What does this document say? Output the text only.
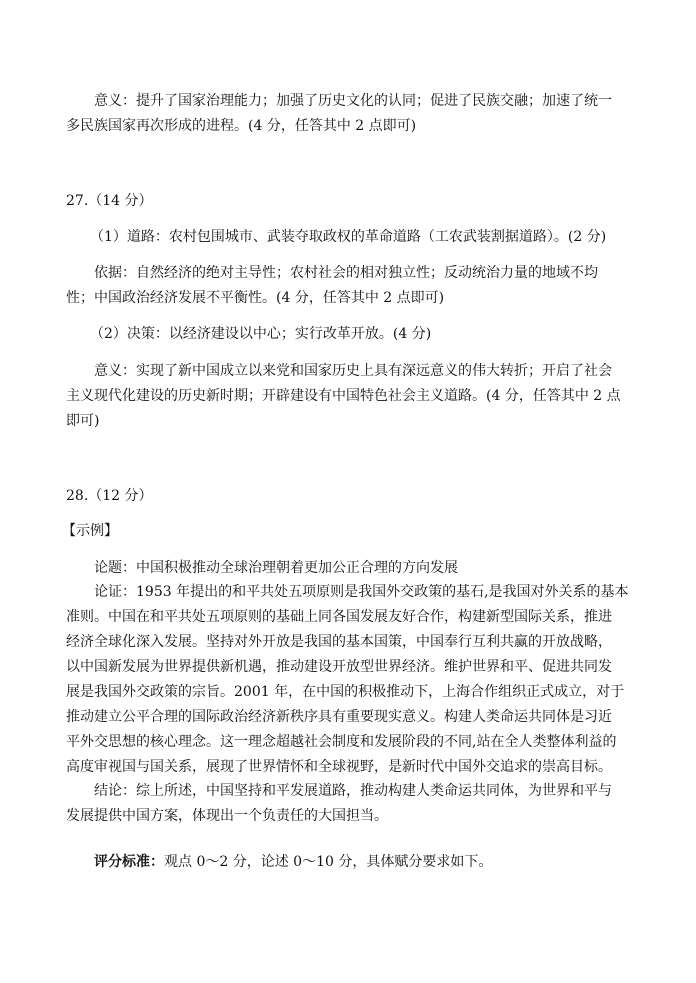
意义：提升了国家治理能力；加强了历史文化的认同；促进了民族交融；加速了统一
多民族国家再次形成的进程。(4 分，任答其中 2 点即可)
27.（14 分）
（1）道路：农村包围城市、武装夺取政权的革命道路（工农武装割据道路）。(2 分)
依据：自然经济的绝对主导性；农村社会的相对独立性；反动统治力量的地域不均
性；中国政治经济发展不平衡性。(4 分，任答其中 2 点即可)
（2）决策：以经济建设以中心；实行改革开放。(4 分)
意义：实现了新中国成立以来党和国家历史上具有深远意义的伟大转折；开启了社会
主义现代化建设的历史新时期；开辟建设有中国特色社会主义道路。(4 分，任答其中 2 点
即可)
28.（12 分）
【示例】
论题：中国积极推动全球治理朝着更加公正合理的方向发展
论证：1953 年提出的和平共处五项原则是我国外交政策的基石,是我国对外关系的基本
准则。中国在和平共处五项原则的基础上同各国发展友好合作，构建新型国际关系，推进
经济全球化深入发展。坚持对外开放是我国的基本国策，中国奉行互利共赢的开放战略，
以中国新发展为世界提供新机遇，推动建设开放型世界经济。维护世界和平、促进共同发
展是我国外交政策的宗旨。2001 年，在中国的积极推动下，上海合作组织正式成立，对于
推动建立公平合理的国际政治经济新秩序具有重要现实意义。构建人类命运共同体是习近
平外交思想的核心理念。这一理念超越社会制度和发展阶段的不同,站在全人类整体利益的
高度审视国与国关系，展现了世界情怀和全球视野，是新时代中国外交追求的崇高目标。
结论：综上所述，中国坚持和平发展道路，推动构建人类命运共同体，为世界和平与
发展提供中国方案，体现出一个负责任的大国担当。
评分标准：观点 0～2 分，论述 0～10 分，具体赋分要求如下。
